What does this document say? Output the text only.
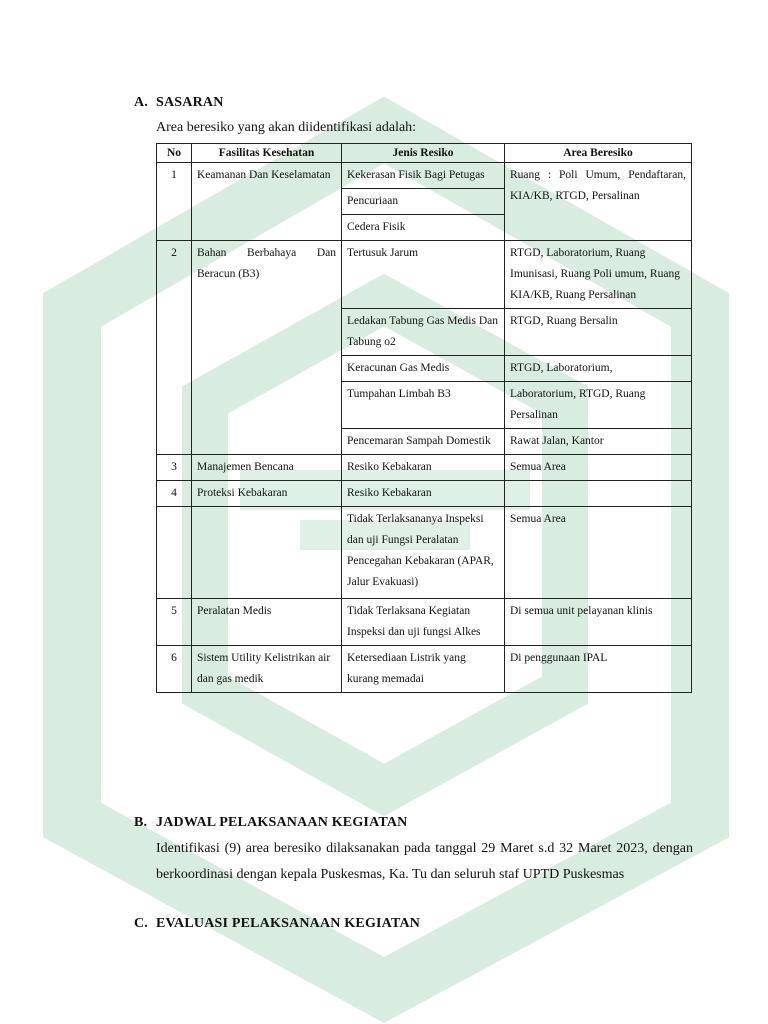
A. SASARAN
Area beresiko yang akan diidentifikasi adalah:
No	Fasilitas Kesehatan	Jenis Resiko	Area Beresiko
1	Keamanan Dan Keselamatan	Kekerasan Fisik Bagi Petugas	Ruang : Poli Umum, Pendaftaran, KIA/KB, RTGD, Persalinan
		Pencuriaan	
		Cedera Fisik	
2	Bahan Berbahaya Dan Beracun (B3)	Tertusuk Jarum	RTGD, Laboratorium, Ruang Imunisasi, Ruang Poli umum, Ruang KIA/KB, Ruang Persalinan
		Ledakan Tabung Gas Medis Dan Tabung o2	RTGD, Ruang Bersalin
		Keracunan Gas Medis	RTGD, Laboratorium,
		Tumpahan Limbah B3	Laboratorium, RTGD, Ruang Persalinan
		Pencemaran Sampah Domestik	Rawat Jalan, Kantor
3	Manajemen Bencana	Resiko Kebakaran	Semua Area
4	Proteksi Kebakaran	Resiko Kebakaran	
		Tidak Terlaksananya Inspeksi dan uji Fungsi Peralatan Pencegahan Kebakaran (APAR, Jalur Evakuasi)	Semua Area
5	Peralatan Medis	Tidak Terlaksana Kegiatan Inspeksi dan uji fungsi Alkes	Di semua unit pelayanan klinis
6	Sistem Utility Kelistrikan air dan gas medik	Ketersediaan Listrik yang kurang memadai	Di penggunaan IPAL
B. JADWAL PELAKSANAAN KEGIATAN
Identifikasi (9) area beresiko dilaksanakan pada tanggal 29 Maret s.d 32 Maret 2023, dengan berkoordinasi dengan kepala Puskesmas, Ka. Tu dan seluruh staf UPTD Puskesmas
C. EVALUASI PELAKSANAAN KEGIATAN
